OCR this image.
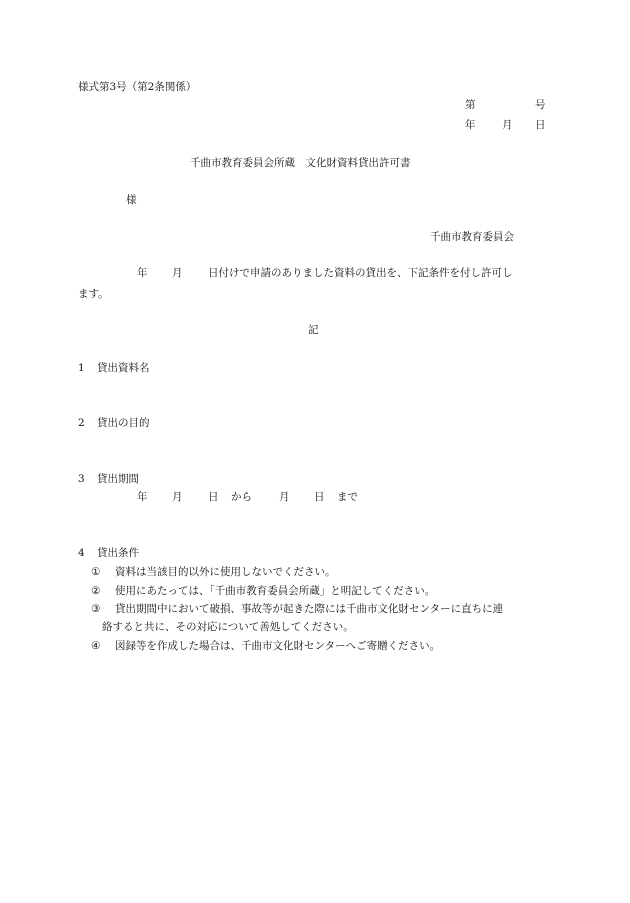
様式第3号（第2条関係）
第	号
年	月 日
千曲市教育委員会所蔵　文化財資料貸出許可書
様
千曲市教育委員会
年 月 日付けで申請のありました資料の貸出を、下記条件を付し許可し
ます。
記
1 貸出資料名
2 貸出の目的
3 貸出期間
年 月 日 から	月 日 まで
4 貸出条件
① 資料は当該目的以外に使用しないでください。
② 使用にあたっては、「千曲市教育委員会所蔵」と明記してください。
③ 貸出期間中において破損、事故等が起きた際には千曲市文化財センターに直ちに連
絡すると共に、その対応について善処してください。
④ 図録等を作成した場合は、千曲市文化財センターへご寄贈ください。
